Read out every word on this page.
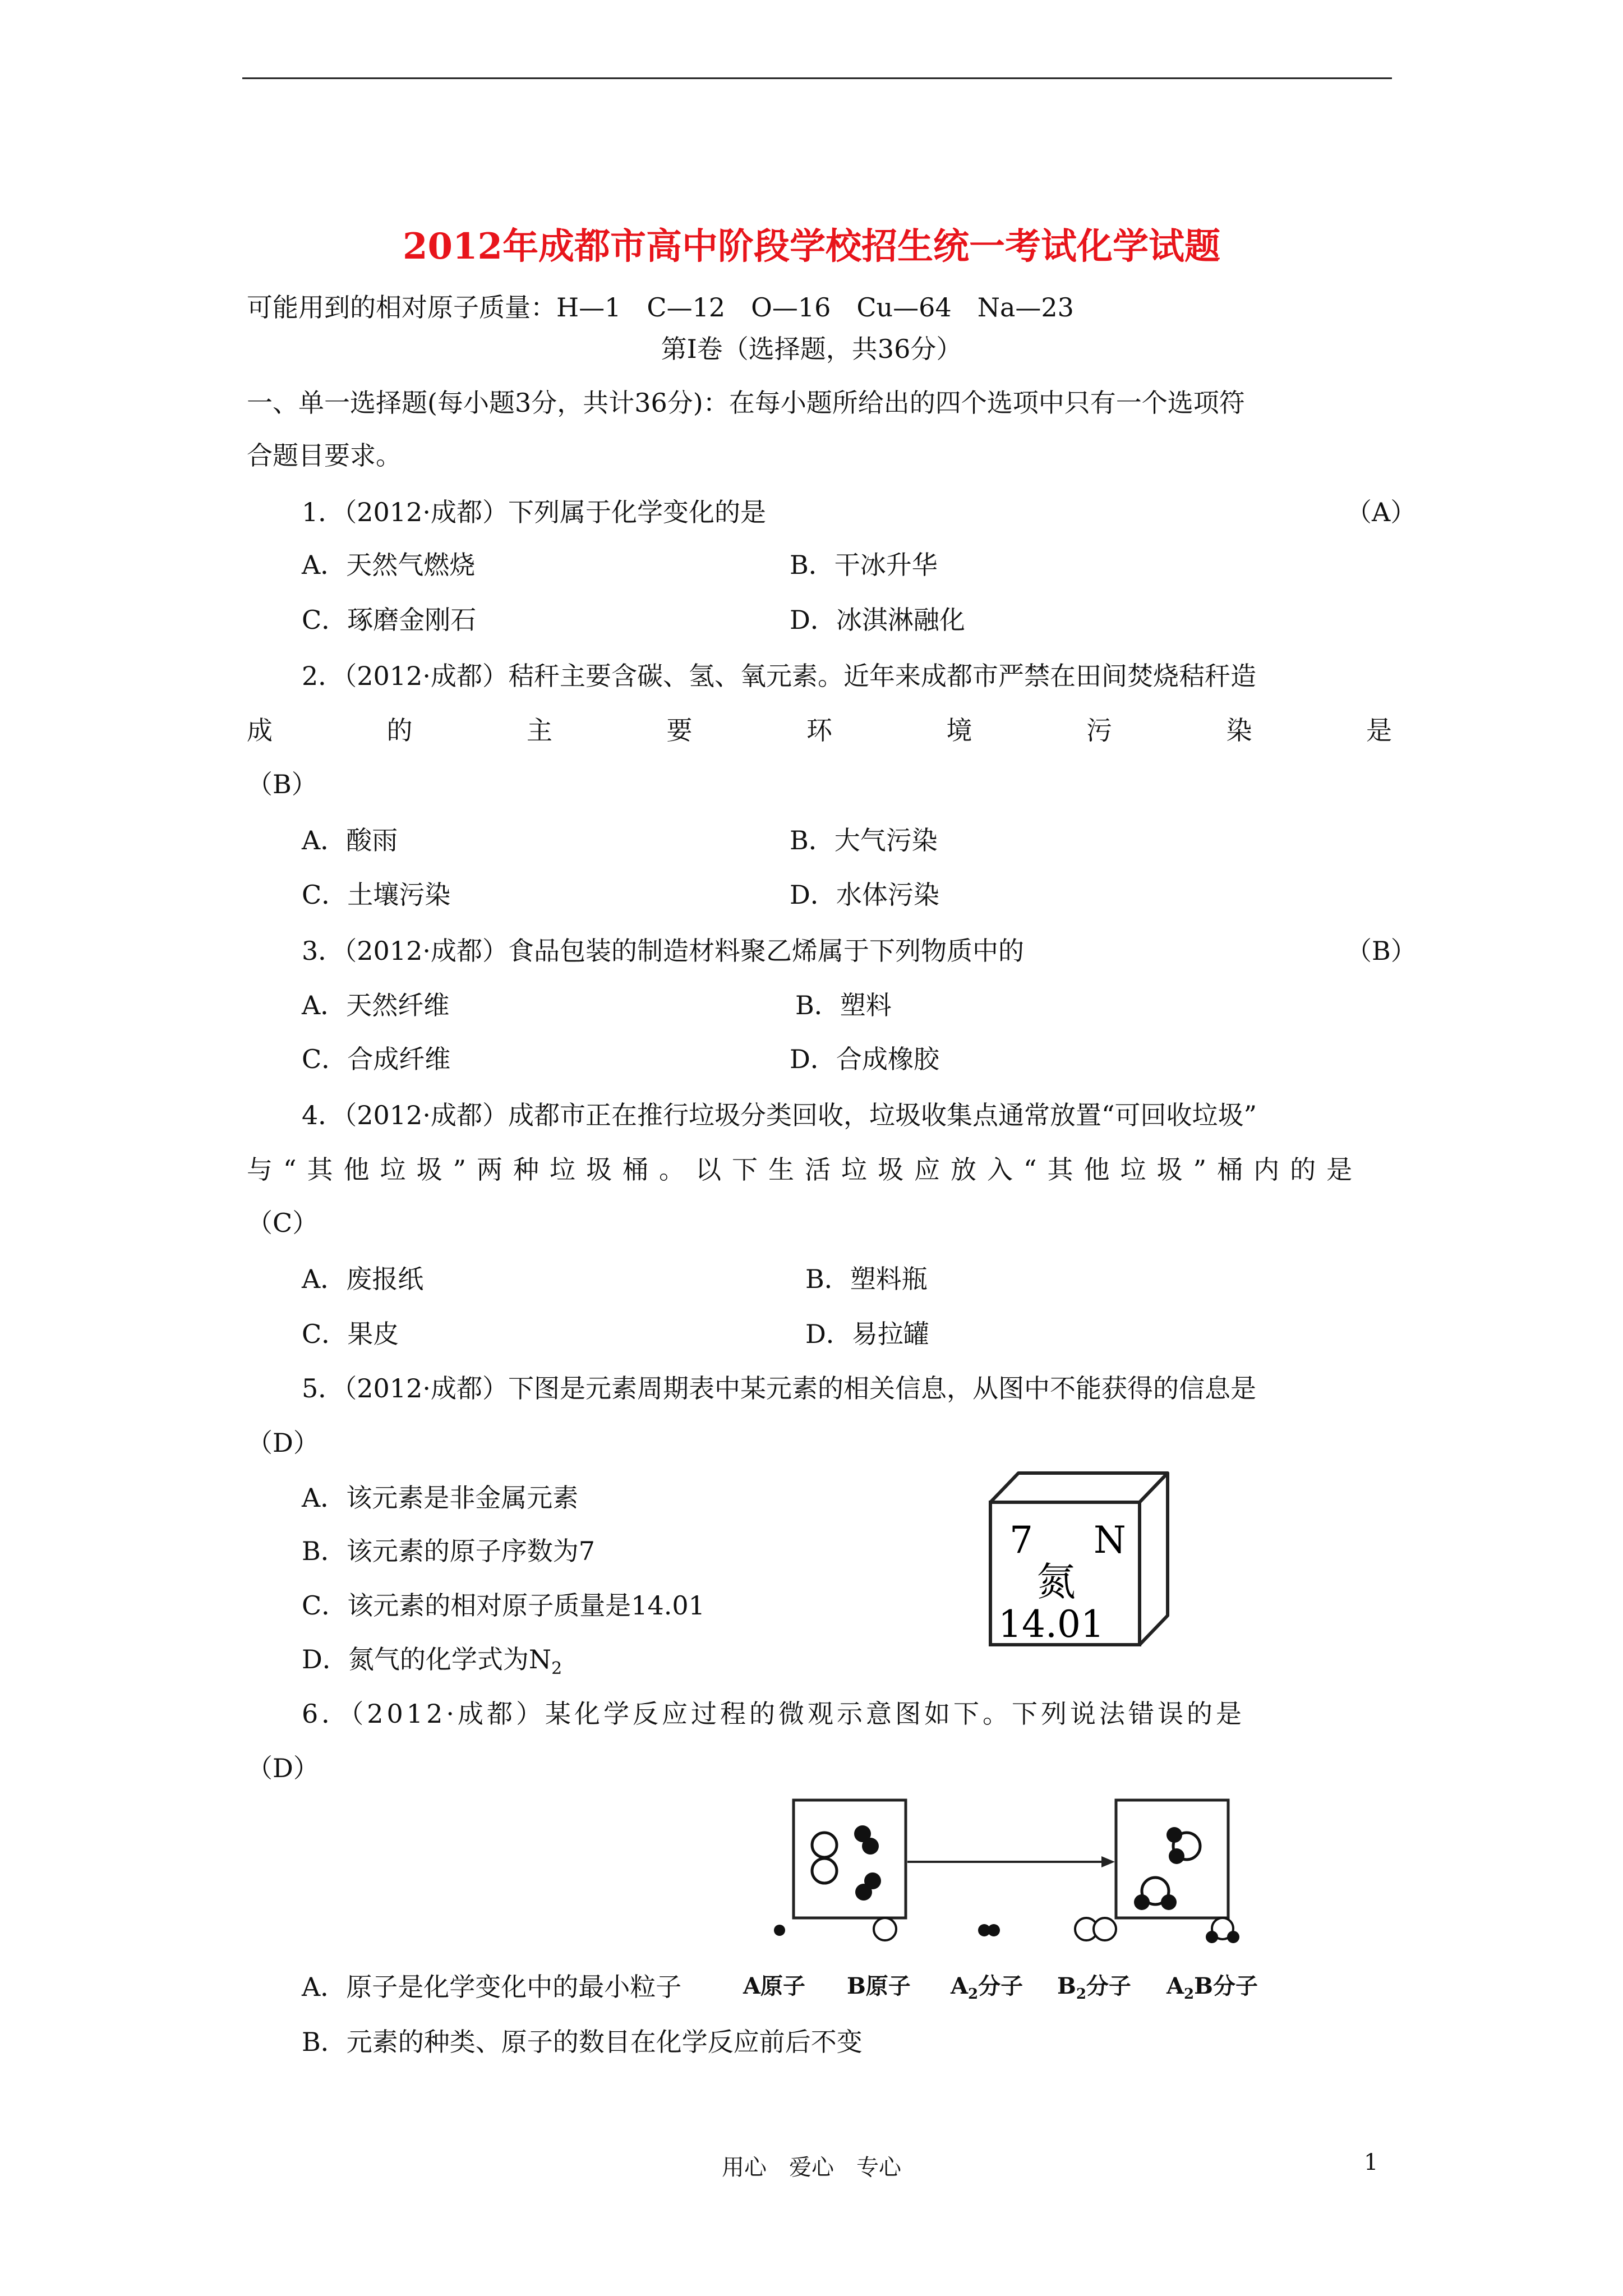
2012年成都市高中阶段学校招生统一考试化学试题
可能用到的相对原子质量：H—1　C—12　O—16　Cu—64　Na—23
第Ⅰ卷（选择题，共36分）
一、单一选择题(每小题3分，共计36分)：在每小题所给出的四个选项中只有一个选项符
合题目要求。
1．（2012·成都）下列属于化学变化的是	（A）
A．天然气燃烧	B．干冰升华
C．琢磨金刚石	D．冰淇淋融化
2．（2012·成都）秸秆主要含碳、氢、氧元素。近年来成都市严禁在田间焚烧秸秆造
成	的	主	要	环	境	污	染	是
（B）
A．酸雨	B．大气污染
C．土壤污染	D．水体污染
3．（2012·成都）食品包装的制造材料聚乙烯属于下列物质中的	（B）
A．天然纤维	B．塑料
C．合成纤维	D．合成橡胶
4．（2012·成都）成都市正在推行垃圾分类回收，垃圾收集点通常放置“可回收垃圾”
与“其他垃圾”两种垃圾桶。以下生活垃圾应放入“其他垃圾”桶内的是
（C）
A．废报纸	B．塑料瓶
C．果皮	D．易拉罐
5．（2012·成都）下图是元素周期表中某元素的相关信息，从图中不能获得的信息是
（D）
A．该元素是非金属元素
B．该元素的原子序数为7
C．该元素的相对原子质量是14.01
D．氮气的化学式为$N_2$
7 N
氮
14.01
6．（2012·成都）某化学反应过程的微观示意图如下。下列说法错误的是
（D）
A原子 B原子 $A_2$分子 $B_2$分子 $A_2B$分子
A．原子是化学变化中的最小粒子
B．元素的种类、原子的数目在化学反应前后不变
用心　爱心　专心	1
